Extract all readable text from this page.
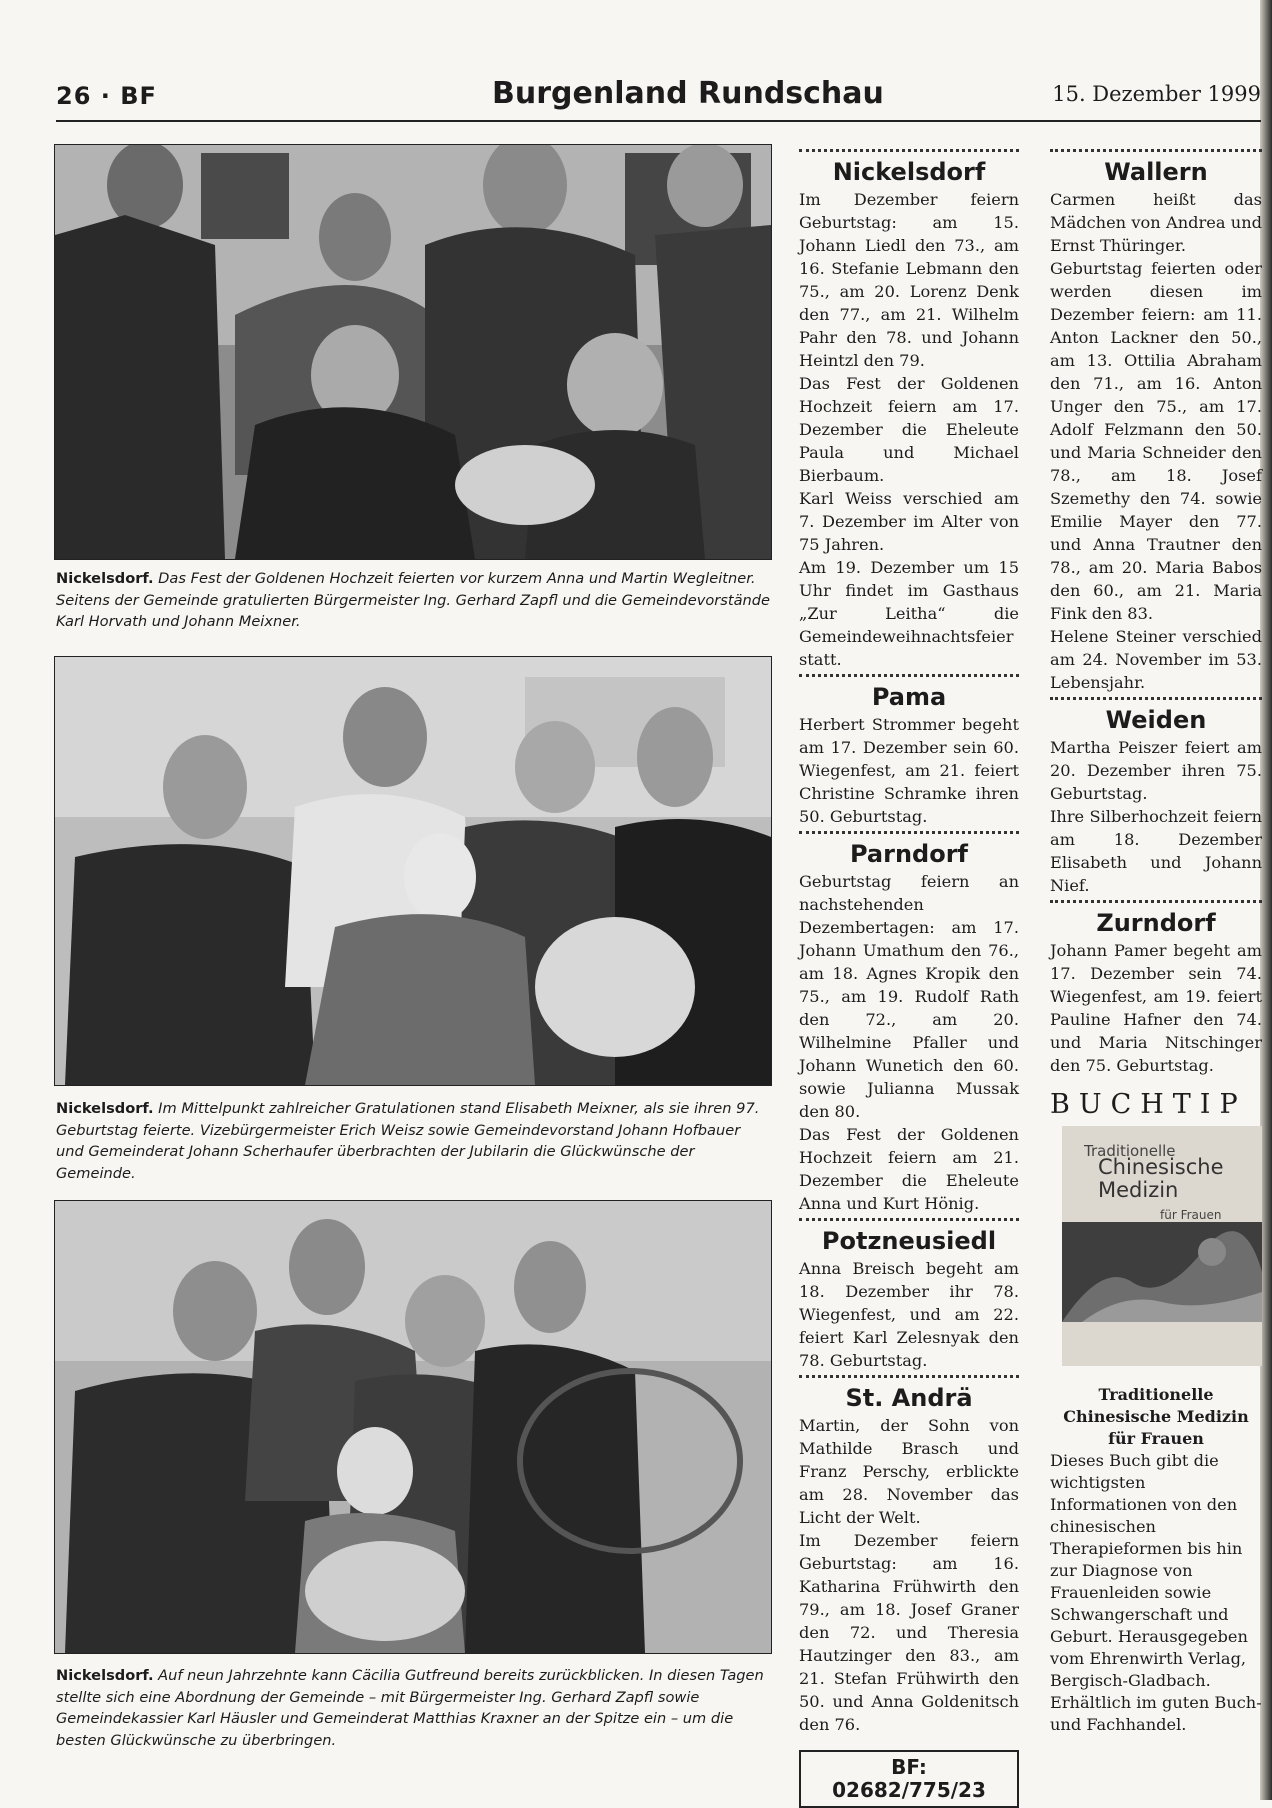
26 · BF	Burgenland Rundschau	15. Dezember 1999
Nickelsdorf. Das Fest der Goldenen Hochzeit feierten vor kurzem Anna und Martin Wegleitner. Seitens der Gemeinde gratulierten Bürgermeister Ing. Gerhard Zapfl und die Gemeindevorstände Karl Horvath und Johann Meixner.
Nickelsdorf. Im Mittelpunkt zahlreicher Gratulationen stand Elisabeth Meixner, als sie ihren 97. Geburtstag feierte. Vizebürgermeister Erich Weisz sowie Gemeindevorstand Johann Hofbauer und Gemeinderat Johann Scherhaufer überbrachten der Jubilarin die Glückwünsche der Gemeinde.
Nickelsdorf. Auf neun Jahrzehnte kann Cäcilia Gutfreund bereits zurückblicken. In diesen Tagen stellte sich eine Abordnung der Gemeinde – mit Bürgermeister Ing. Gerhard Zapfl sowie Gemeindekassier Karl Häusler und Gemeinderat Matthias Kraxner an der Spitze ein – um die besten Glückwünsche zu überbringen.
Nickelsdorf

Im Dezember feiern Geburtstag: am 15. Johann Liedl den 73., am 16. Stefanie Lebmann den 75., am 20. Lorenz Denk den 77., am 21. Wilhelm Pahr den 78. und Johann Heintzl den 79.

Das Fest der Goldenen Hochzeit feiern am 17. Dezember die Eheleute Paula und Michael Bierbaum.

Karl Weiss verschied am 7. Dezember im Alter von 75 Jahren.

Am 19. Dezember um 15 Uhr findet im Gasthaus „Zur Leitha“ die Gemeindeweihnachtsfeier statt.

Pama

Herbert Strommer begeht am 17. Dezember sein 60. Wiegenfest, am 21. feiert Christine Schramke ihren 50. Geburtstag.

Parndorf

Geburtstag feiern an nachstehenden Dezembertagen: am 17. Johann Umathum den 76., am 18. Agnes Kropik den 75., am 19. Rudolf Rath den 72., am 20. Wilhelmine Pfaller und Johann Wunetich den 60. sowie Julianna Mussak den 80.

Das Fest der Goldenen Hochzeit feiern am 21. Dezember die Eheleute Anna und Kurt Hönig.

Potzneusiedl

Anna Breisch begeht am 18. Dezember ihr 78. Wiegenfest, und am 22. feiert Karl Zelesnyak den 78. Geburtstag.

St. Andrä

Martin, der Sohn von Mathilde Brasch und Franz Perschy, erblickte am 28. November das Licht der Welt.

Im Dezember feiern Geburtstag: am 16. Katharina Frühwirth den 79., am 18. Josef Graner den 72. und Theresia Hautzinger den 83., am 21. Stefan Frühwirth den 50. und Anna Goldenitsch den 76.

BF: 02682/775/23
Wallern

Carmen heißt das Mädchen von Andrea und Ernst Thüringer.

Geburtstag feierten oder werden diesen im Dezember feiern: am 11. Anton Lackner den 50., am 13. Ottilia Abraham den 71., am 16. Anton Unger den 75., am 17. Adolf Felzmann den 50. und Maria Schneider den 78., am 18. Josef Szemethy den 74. sowie Emilie Mayer den 77. und Anna Trautner den 78., am 20. Maria Babos den 60., am 21. Maria Fink den 83.

Helene Steiner verschied am 24. November im 53. Lebensjahr.

Weiden

Martha Peiszer feiert am 20. Dezember ihren 75. Geburtstag.

Ihre Silberhochzeit feiern am 18. Dezember Elisabeth und Johann Nief.

Zurndorf

Johann Pamer begeht am 17. Dezember sein 74. Wiegenfest, am 19. feiert Pauline Hafner den 74. und Maria Nitschinger den 75. Geburtstag.

BUCHTIP
Traditionelle
Chinesische Medizin
für Frauen
Traditionelle Chinesische Medizin für Frauen
Dieses Buch gibt die wichtigsten Informationen von den chinesischen Therapieformen bis hin zur Diagnose von Frauenleiden sowie Schwangerschaft und Geburt. Herausgegeben vom Ehrenwirth Verlag, Bergisch-Gladbach. Erhältlich im guten Buch- und Fachhandel.
